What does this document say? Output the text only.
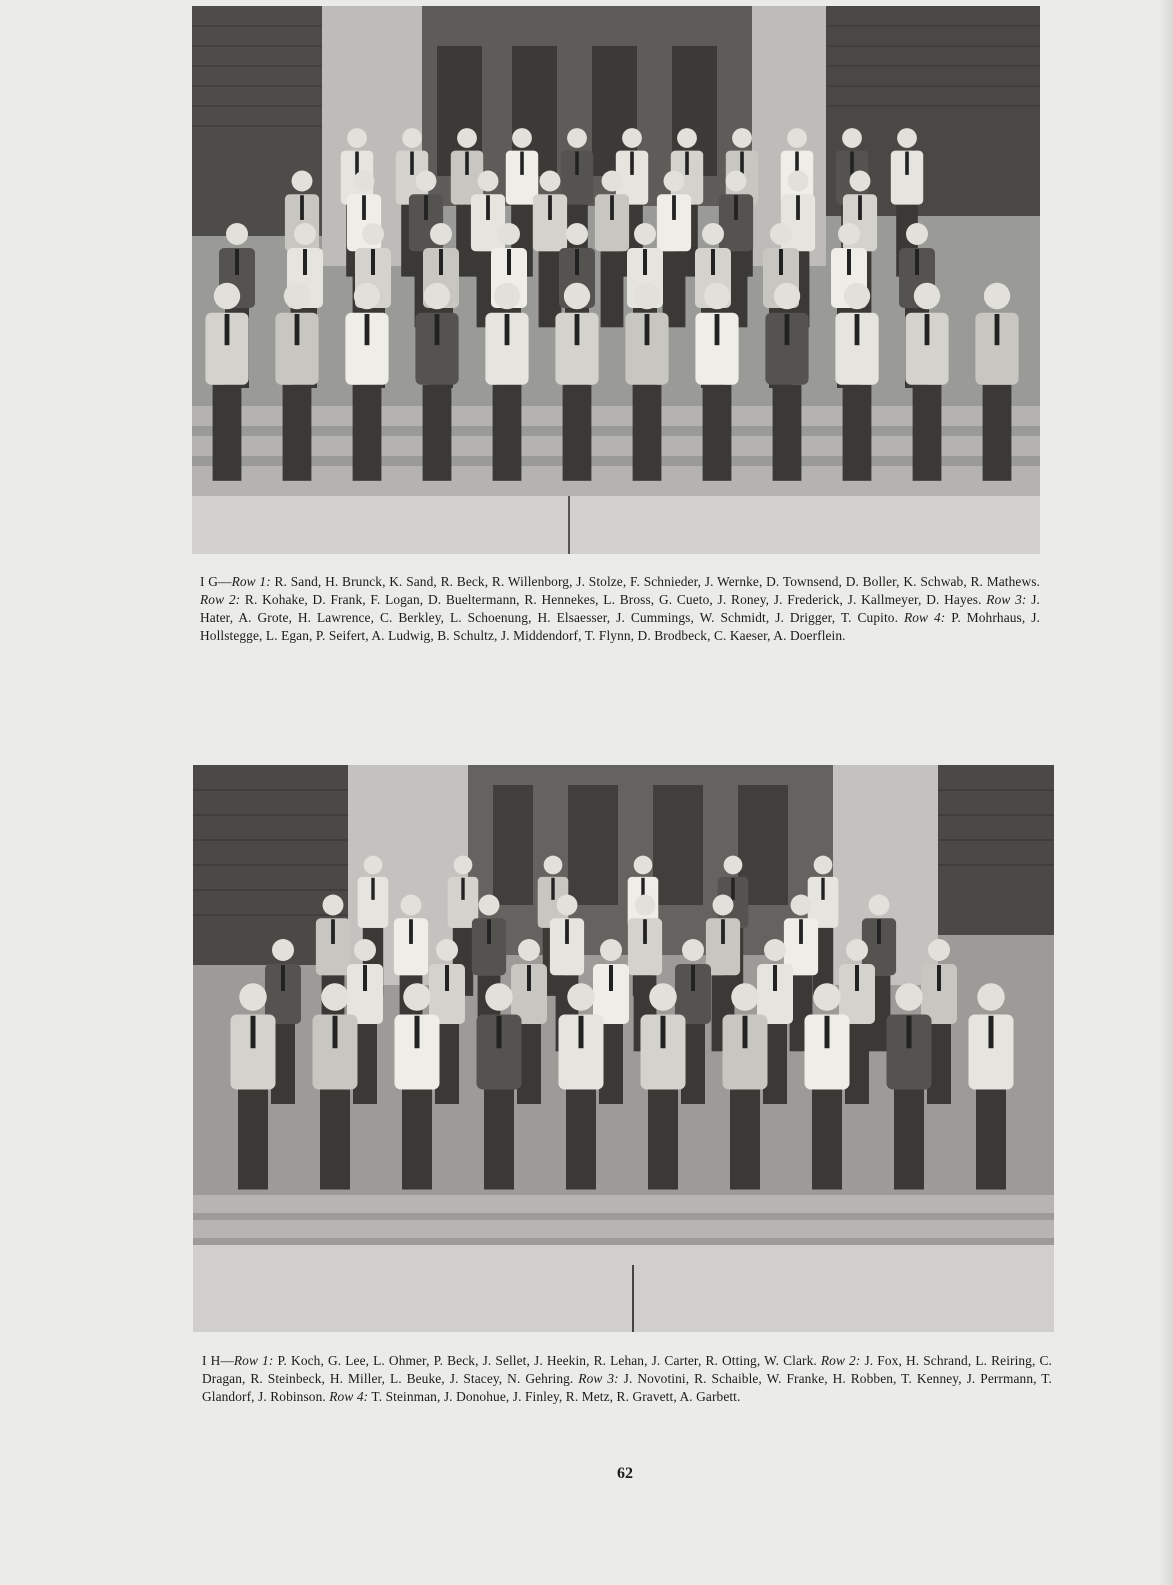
I G—Row 1: R. Sand, H. Brunck, K. Sand, R. Beck, R. Willenborg, J. Stolze, F. Schnieder, J. Wernke, D. Townsend, D. Boller, K. Schwab, R. Mathews. Row 2: R. Kohake, D. Frank, F. Logan, D. Bueltermann, R. Hennekes, L. Bross, G. Cueto, J. Roney, J. Frederick, J. Kallmeyer, D. Hayes. Row 3: J. Hater, A. Grote, H. Lawrence, C. Berkley, L. Schoenung, H. Elsaesser, J. Cummings, W. Schmidt, J. Drigger, T. Cupito. Row 4: P. Mohrhaus, J. Hollstegge, L. Egan, P. Seifert, A. Ludwig, B. Schultz, J. Middendorf, T. Flynn, D. Brodbeck, C. Kaeser, A. Doerflein.
I H—Row 1: P. Koch, G. Lee, L. Ohmer, P. Beck, J. Sellet, J. Heekin, R. Lehan, J. Carter, R. Otting, W. Clark. Row 2: J. Fox, H. Schrand, L. Reiring, C. Dragan, R. Steinbeck, H. Miller, L. Beuke, J. Stacey, N. Gehring. Row 3: J. Novotini, R. Schaible, W. Franke, H. Robben, T. Kenney, J. Perrmann, T. Glandorf, J. Robinson. Row 4: T. Steinman, J. Donohue, J. Finley, R. Metz, R. Gravett, A. Garbett.
62
